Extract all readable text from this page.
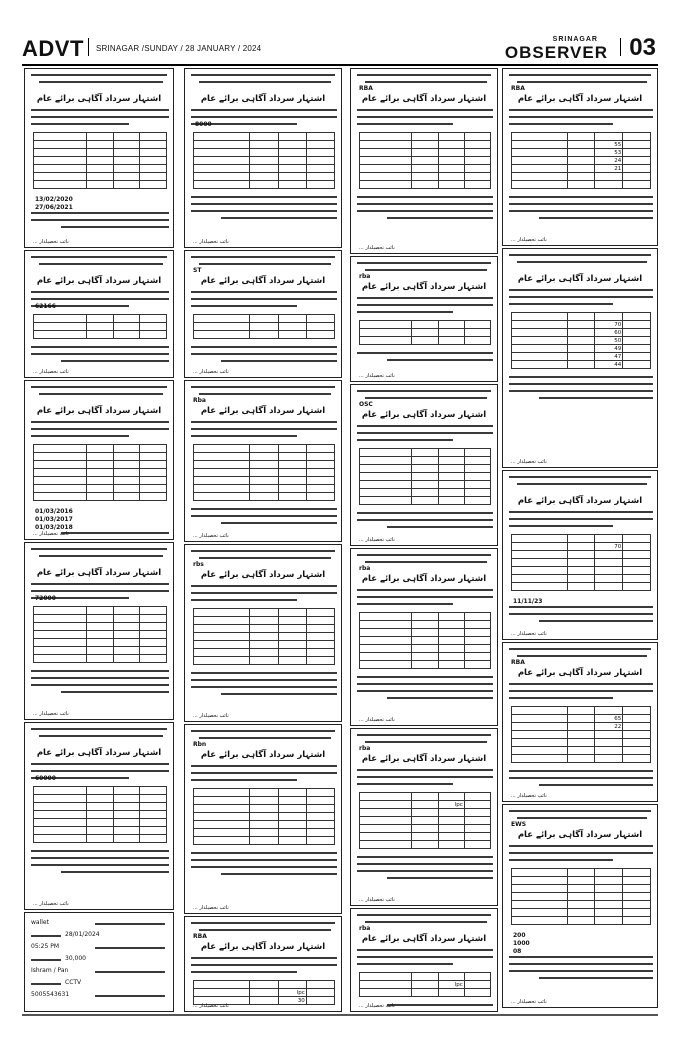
ADVT SRINAGAR /SUNDAY / 28 JANUARY / 2024
SRINAGAR
OBSERVER 03
اشتہار سرداد آگاہی برائے عام

13/02/2020
27/06/2021
نائب تحصیلدار ...
اشتہار سرداد آگاہی برائے عام
62166

نائب تحصیلدار ...
اشتہار سرداد آگاہی برائے عام

01/03/2016
01/03/2017
01/03/2018
نائب تحصیلدار ...
اشتہار سرداد آگاہی برائے عام
72000

نائب تحصیلدار ...
اشتہار سرداد آگاہی برائے عام
60000

نائب تحصیلدار ...
wallet
28/01/2024
05:25 PM
30,000
Ishram / Pan
CCTV
5005543631
اشتہار سرداد آگاہی برائے عام
8000

نائب تحصیلدار ...
ST
اشتہار سرداد آگاہی برائے عام

نائب تحصیلدار ...
Rba
اشتہار سرداد آگاہی برائے عام

نائب تحصیلدار ...
rbs
اشتہار سرداد آگاہی برائے عام

نائب تحصیلدار ...
Rbn
اشتہار سرداد آگاہی برائے عام

نائب تحصیلدار ...
RBA
اشتہار سرداد آگاہی برائے عام

	lpc		
	30		
نائب تحصیلدار ...
RBA
اشتہار سرداد آگاہی برائے عام

نائب تحصیلدار ...
rba
اشتہار سرداد آگاہی برائے عام

نائب تحصیلدار ...
OSC
اشتہار سرداد آگاہی برائے عام

نائب تحصیلدار ...
rba
اشتہار سرداد آگاہی برائے عام

نائب تحصیلدار ...
rba
اشتہار سرداد آگاہی برائے عام

	lpc		

نائب تحصیلدار ...
rba
اشتہار سرداد آگاہی برائے عام

	lpc		

نائب تحصیلدار ...
RBA
اشتہار سرداد آگاہی برائے عام

	55		
	53		
	24		
	21		

نائب تحصیلدار ...
اشتہار سرداد آگاہی برائے عام

	70		
	60		
	50		
	49		
	47		
	44		
نائب تحصیلدار ...
اشتہار سرداد آگاہی برائے عام

	70		

11/11/23
نائب تحصیلدار ...
RBA
اشتہار سرداد آگاہی برائے عام

	65		
	22		

نائب تحصیلدار ...
EWS
اشتہار سرداد آگاہی برائے عام

200
1000
08
نائب تحصیلدار ...
